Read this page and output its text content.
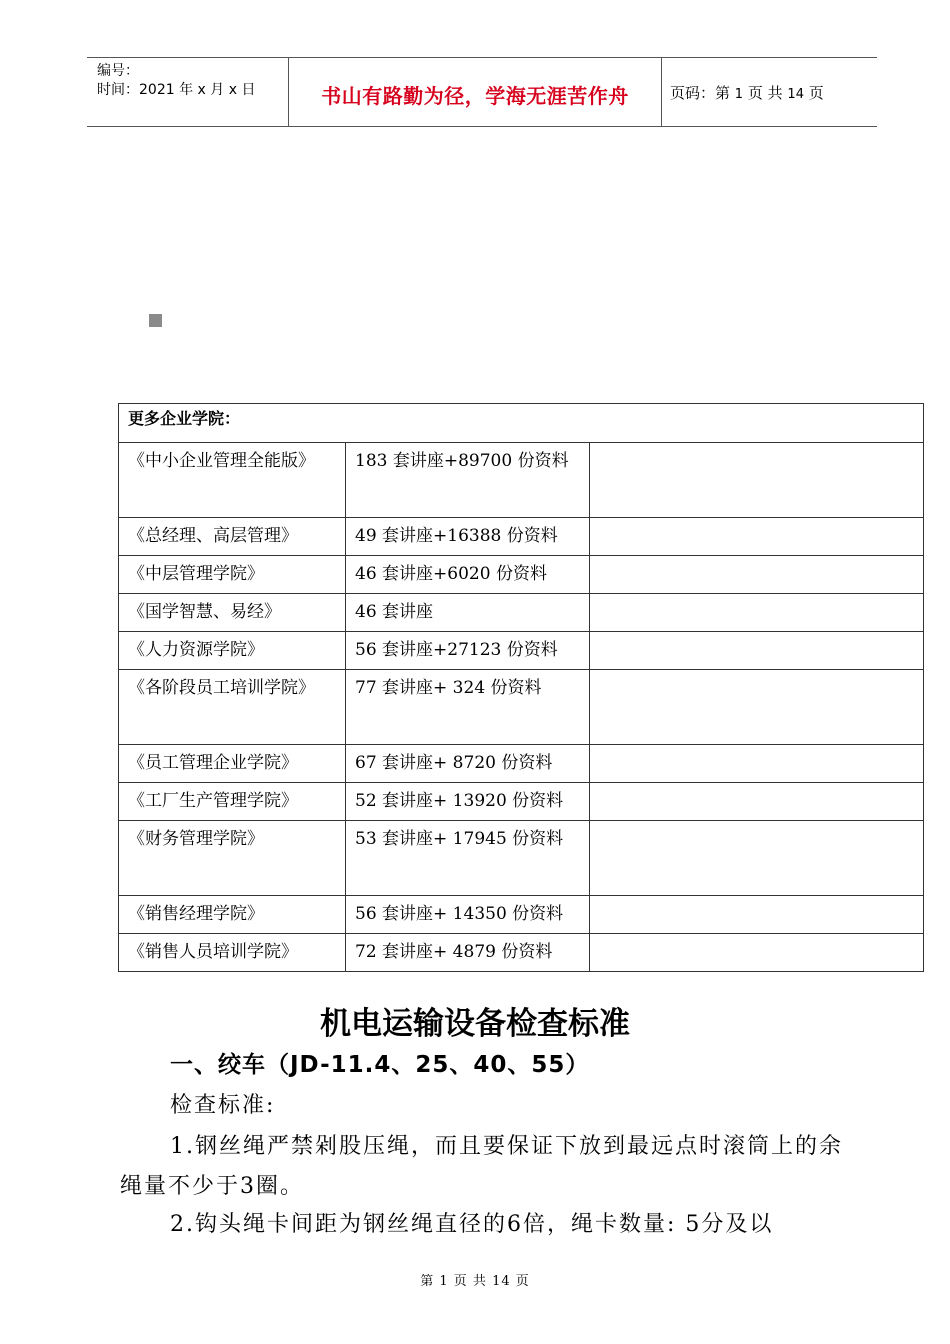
编号：
时间：2021 年 x 月 x 日	书山有路勤为径，学海无涯苦作舟	页码：第 1 页 共 14 页
更多企业学院：		
《中小企业管理全能版》	183 套讲座+89700 份资料	
《总经理、高层管理》	49 套讲座+16388 份资料	
《中层管理学院》	46 套讲座+6020 份资料	
《国学智慧、易经》	46 套讲座	
《人力资源学院》	56 套讲座+27123 份资料	
《各阶段员工培训学院》	77 套讲座+ 324 份资料	
《员工管理企业学院》	67 套讲座+ 8720 份资料	
《工厂生产管理学院》	52 套讲座+ 13920 份资料	
《财务管理学院》	53 套讲座+ 17945 份资料	
《销售经理学院》	56 套讲座+ 14350 份资料	
《销售人员培训学院》	72 套讲座+ 4879 份资料	
机电运输设备检查标准
一、绞车（JD-11.4、25、40、55）
检查标准:
1.钢丝绳严禁剁股压绳，而且要保证下放到最远点时滚筒上的余绳量不少于3圈。
2.钩头绳卡间距为钢丝绳直径的6倍，绳卡数量: 5分及以
第 1 页 共 14 页
